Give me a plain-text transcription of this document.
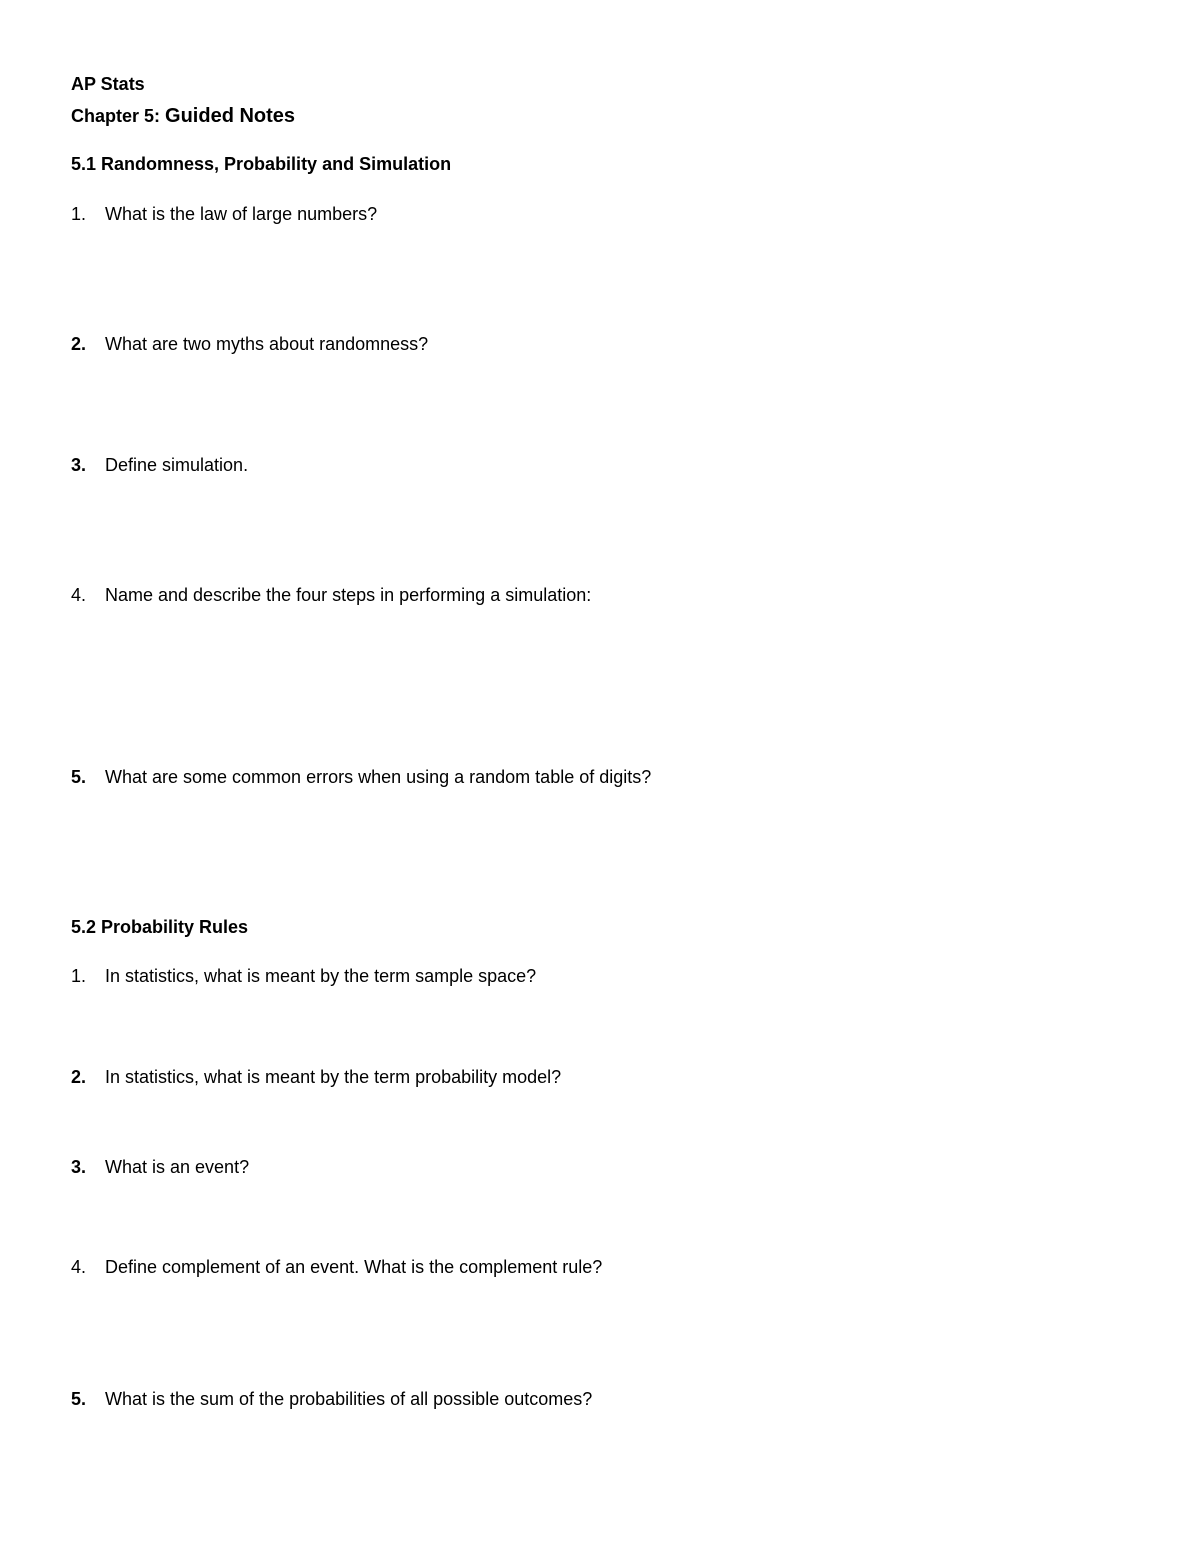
AP Stats
Chapter 5: Guided Notes
5.1 Randomness, Probability and Simulation
1. What is the law of large numbers?
2. What are two myths about randomness?
3. Define simulation.
4. Name and describe the four steps in performing a simulation:
5. What are some common errors when using a random table of digits?
5.2 Probability Rules
1. In statistics, what is meant by the term sample space?
2. In statistics, what is meant by the term probability model?
3. What is an event?
4. Define complement of an event. What is the complement rule?
5. What is the sum of the probabilities of all possible outcomes?
